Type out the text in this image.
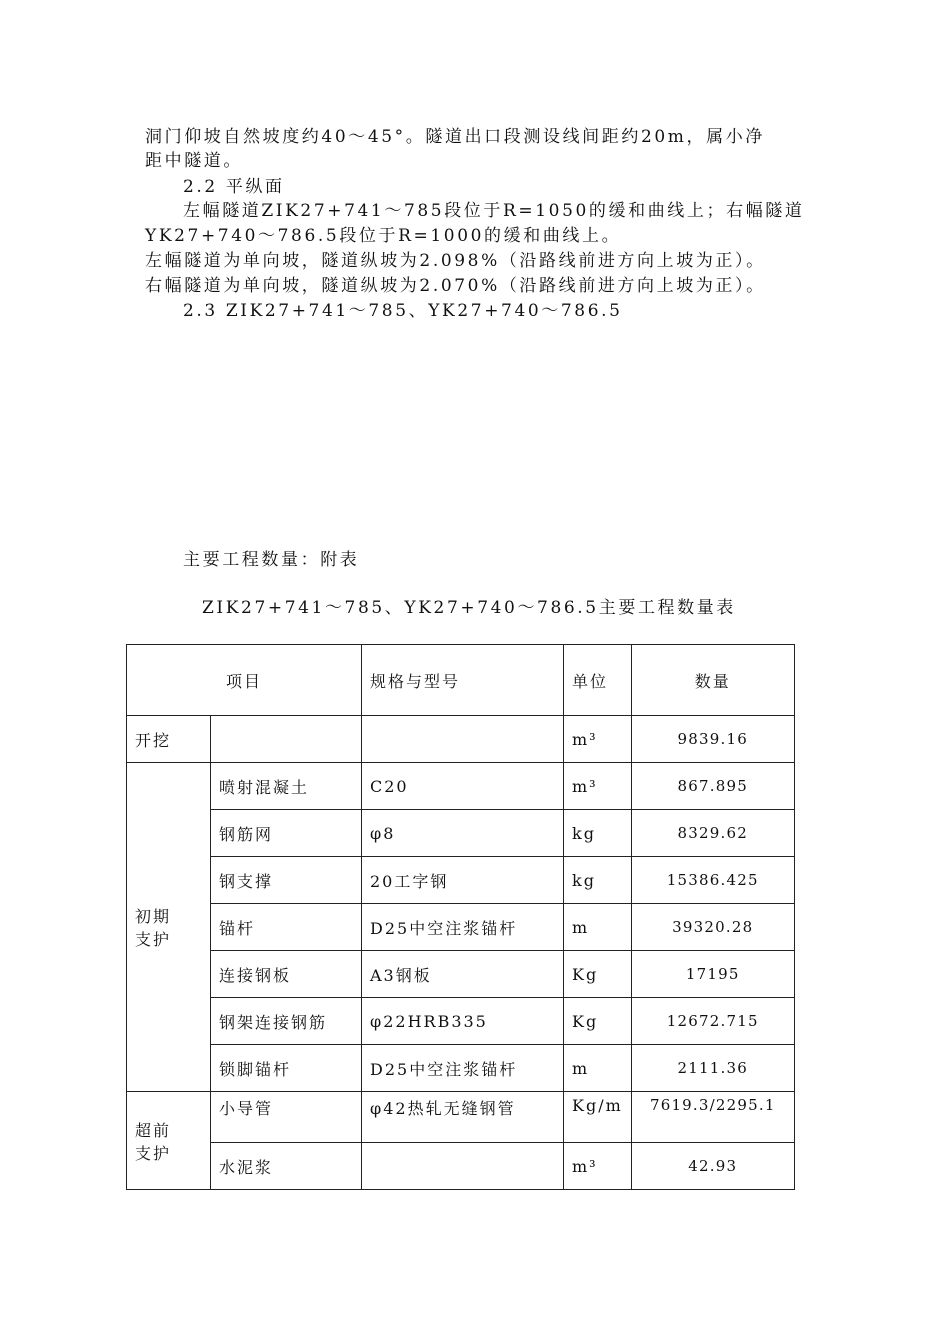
洞门仰坡自然坡度约40～45°。隧道出口段测设线间距约20m，属小净
距中隧道。
2.2 平纵面
左幅隧道ZIK27+741～785段位于R=1050的缓和曲线上；右幅隧道
YK27+740～786.5段位于R=1000的缓和曲线上。
左幅隧道为单向坡，隧道纵坡为2.098%（沿路线前进方向上坡为正）。
右幅隧道为单向坡，隧道纵坡为2.070%（沿路线前进方向上坡为正）。
2.3 ZIK27+741～785、YK27+740～786.5
主要工程数量：附表
ZIK27+741～785、YK27+740～786.5主要工程数量表
项目		规格与型号	单位	数量
开挖			m³	9839.16

初期
支护	喷射混凝土	C20	m³	867.895
	钢筋网	φ8	kg	8329.62
	钢支撑	20工字钢	kg	15386.425
	锚杆	D25中空注浆锚杆	m	39320.28
	连接钢板	A3钢板	Kg	17195
	钢架连接钢筋	φ22HRB335	Kg	12672.715
	锁脚锚杆	D25中空注浆锚杆	m	2111.36

超前
支护	小导管	φ42热轧无缝钢管	Kg/m	7619.3/2295.1
	水泥浆		m³	42.93
